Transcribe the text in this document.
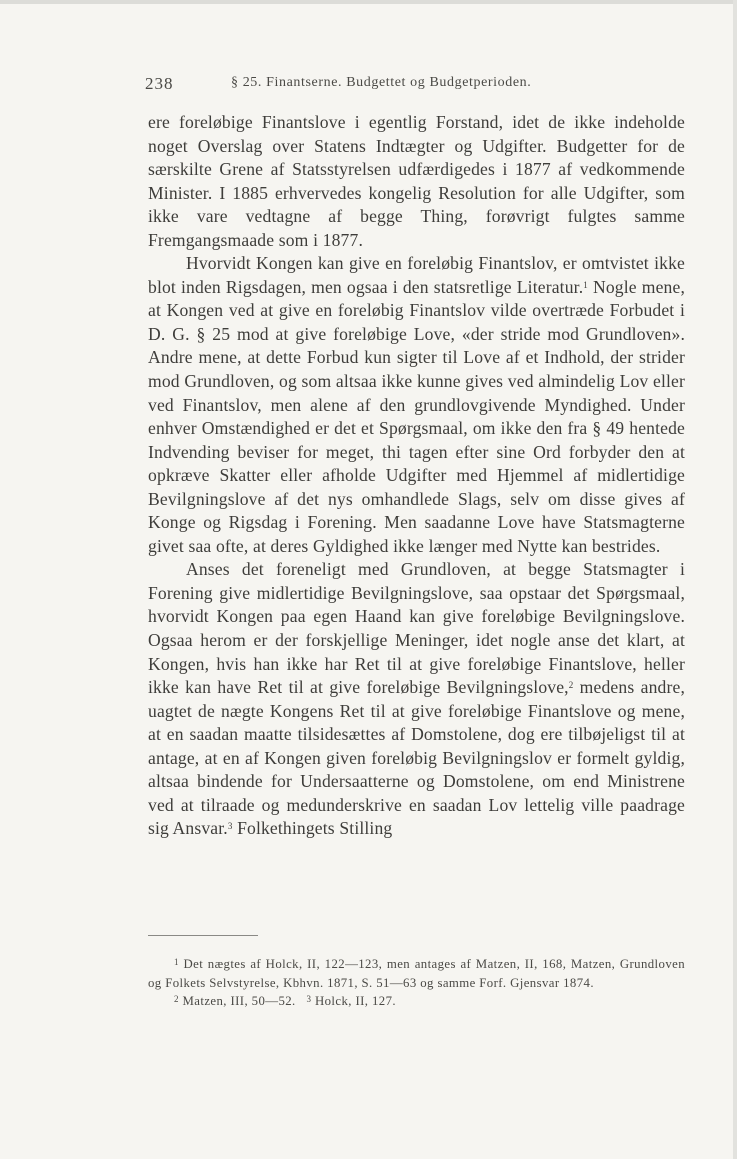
238	§ 25. Finantserne. Budgettet og Budgetperioden.

ere foreløbige Finantslove i egentlig Forstand, idet de ikke indeholde noget Overslag over Statens Indtægter og Udgifter. Budgetter for de særskilte Grene af Statsstyrelsen udfærdigedes i 1877 af vedkommende Minister. I 1885 erhvervedes kongelig Resolution for alle Udgifter, som ikke vare vedtagne af begge Thing, forøvrigt fulgtes samme Fremgangsmaade som i 1877.

Hvorvidt Kongen kan give en foreløbig Finantslov, er omtvistet ikke blot inden Rigsdagen, men ogsaa i den statsretlige Literatur.$^1$ Nogle mene, at Kongen ved at give en foreløbig Finantslov vilde overtræde Forbudet i D. G. § 25 mod at give foreløbige Love, «der stride mod Grundloven». Andre mene, at dette Forbud kun sigter til Love af et Indhold, der strider mod Grundloven, og som altsaa ikke kunne gives ved almindelig Lov eller ved Finantslov, men alene af den grundlovgivende Myndighed. Under enhver Omstændighed er det et Spørgsmaal, om ikke den fra § 49 hentede Indvending beviser for meget, thi tagen efter sine Ord forbyder den at opkræve Skatter eller afholde Udgifter med Hjemmel af midlertidige Bevilgningslove af det nys omhandlede Slags, selv om disse gives af Konge og Rigsdag i Forening. Men saadanne Love have Statsmagterne givet saa ofte, at deres Gyldighed ikke længer med Nytte kan bestrides.

Anses det foreneligt med Grundloven, at begge Statsmagter i Forening give midlertidige Bevilgningslove, saa opstaar det Spørgsmaal, hvorvidt Kongen paa egen Haand kan give foreløbige Bevilgningslove. Ogsaa herom er der forskjellige Meninger, idet nogle anse det klart, at Kongen, hvis han ikke har Ret til at give foreløbige Finantslove, heller ikke kan have Ret til at give foreløbige Bevilgningslove,$^2$ medens andre, uagtet de nægte Kongens Ret til at give foreløbige Finantslove og mene, at en saadan maatte tilsidesættes af Domstolene, dog ere tilbøjeligst til at antage, at en af Kongen given foreløbig Bevilgningslov er formelt gyldig, altsaa bindende for Undersaatterne og Domstolene, om end Ministrene ved at tilraade og medunderskrive en saadan Lov lettelig ville paadrage sig Ansvar.$^3$ Folkethingets Stilling

$^1$ Det nægtes af Holck, II, 122—123, men antages af Matzen, II, 168, Matzen, Grundloven og Folkets Selvstyrelse, Kbhvn. 1871, S. 51—63 og samme Forf. Gjensvar 1874.

$^2$ Matzen, III, 50—52. $^3$ Holck, II, 127.
